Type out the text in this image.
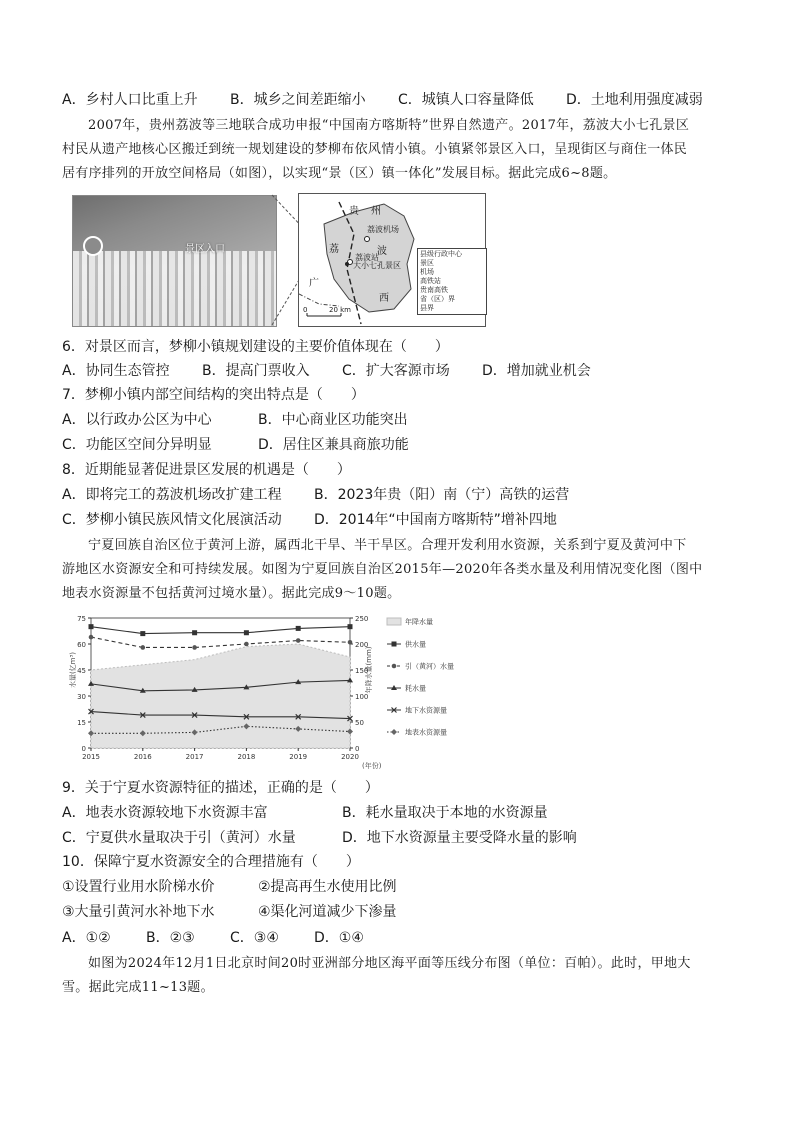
A．乡村人口比重上升 B．城乡之间差距缩小 C．城镇人口容量降低 D．土地利用强度减弱
2007年，贵州荔波等三地联合成功申报“中国南方喀斯特”世界自然遗产。2017年，荔波大小七孔景区
村民从遗产地核心区搬迁到统一规划建设的梦柳布依风情小镇。小镇紧邻景区入口，呈现街区与商住一体民
居有序排列的开放空间格局（如图），以实现“景（区）镇一体化”发展目标。据此完成6~8题。
景区入口
贵 州
荔	波
广
西
荔波机场
荔波站
大小七孔景区
0	20 km
县级行政中心
景区
机场
高铁站
贵南高铁
省（区）界
县界
6．对景区而言，梦柳小镇规划建设的主要价值体现在（　　）
A．协同生态管控 B．提高门票收入 C．扩大客源市场 D．增加就业机会
7．梦柳小镇内部空间结构的突出特点是（　　）
A．以行政办公区为中心	B．中心商业区功能突出
C．功能区空间分异明显	D．居住区兼具商旅功能
8．近期能显著促进景区发展的机遇是（　　）
A．即将完工的荔波机场改扩建工程 B．2023年贵（阳）南（宁）高铁的运营
C．梦柳小镇民族风情文化展演活动 D．2014年“中国南方喀斯特”增补四地
宁夏回族自治区位于黄河上游，属西北干旱、半干旱区。合理开发利用水资源，关系到宁夏及黄河中下
游地区水资源安全和可持续发展。如图为宁夏回族自治区2015年—2020年各类水量及利用情况变化图（图中
地表水资源量不包括黄河过境水量）。据此完成9～10题。
水量(亿m³)	年降水量(mm)
(年份)
0
15
30
45
60
75
0
50
100
150
200
250
2015	2016	2017	2018	2019	2020
年降水量
供水量
引（黄河）水量
耗水量
地下水资源量
地表水资源量
9．关于宁夏水资源特征的描述，正确的是（　　）
A．地表水资源较地下水资源丰富	B．耗水量取决于本地的水资源量
C．宁夏供水量取决于引（黄河）水量	D．地下水资源量主要受降水量的影响
10．保障宁夏水资源安全的合理措施有（　　）
①设置行业用水阶梯水价	②提高再生水使用比例
③大量引黄河水补地下水	④渠化河道减少下渗量
A．①②	B．②③	C．③④	D．①④
如图为2024年12月1日北京时间20时亚洲部分地区海平面等压线分布图（单位：百帕）。此时，甲地大
雪。据此完成11~13题。
